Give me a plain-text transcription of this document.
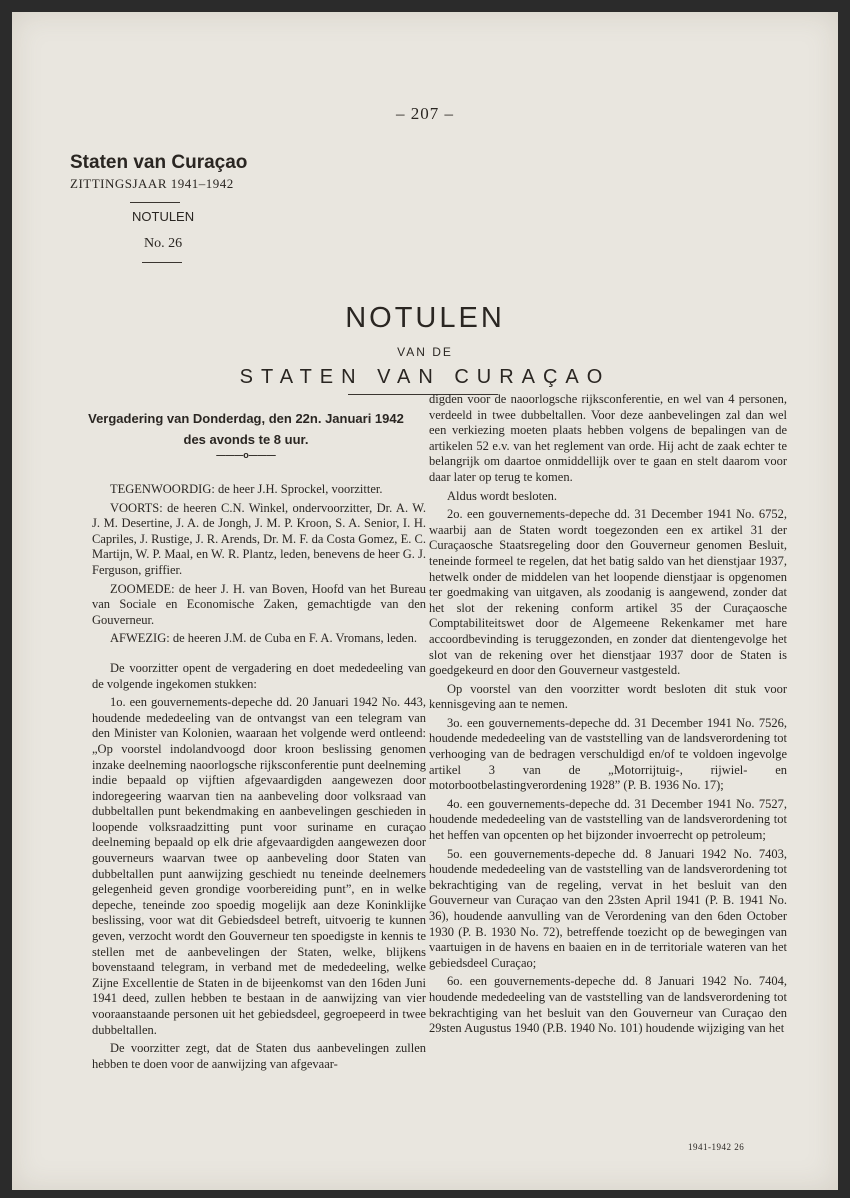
– 207 –
Staten van Curaçao
ZITTINGSJAAR 1941–1942
NOTULEN
No. 26
NOTULEN
VAN DE
STATEN VAN CURAÇAO
Vergadering van Donderdag, den 22n. Januari 1942
des avonds te 8 uur.
———o———

TEGENWOORDIG: de heer J.H. Sprockel, voorzitter.

VOORTS: de heeren C.N. Winkel, ondervoorzitter, Dr. A. W. J. M. Desertine, J. A. de Jongh, J. M. P. Kroon, S. A. Senior, I. H. Capriles, J. Rustige, J. R. Arends, Dr. M. F. da Costa Gomez, E. C. Martijn, W. P. Maal, en W. R. Plantz, leden, benevens de heer G. J. Ferguson, griffier.

ZOOMEDE: de heer J. H. van Boven, Hoofd van het Bureau van Sociale en Economische Zaken, gemachtigde van den Gouverneur.

AFWEZIG: de heeren J.M. de Cuba en F. A. Vromans, leden.

De voorzitter opent de vergadering en doet mededeeling van de volgende ingekomen stukken:

1o. een gouvernements-depeche dd. 20 Januari 1942 No. 443, houdende mededeeling van de ontvangst van een telegram van den Minister van Kolonien, waaraan het volgende werd ontleend: „Op voorstel indolandvoogd door kroon beslissing genomen inzake deelneming naoorlogsche rijksconferentie punt deelneming indie bepaald op vijftien afgevaardigden aangewezen door indoregeering waarvan tien na aanbeveling door volksraad van dubbeltallen punt bekendmaking en aanbevelingen geschieden in loopende volksraadzitting punt voor suriname en curaçao deelneming bepaald op elk drie afgevaardigden aangewezen door gouverneurs waarvan twee op aanbeveling door Staten van dubbeltallen punt aanwijzing geschiedt nu teneinde deelnemers gelegenheid geven grondige voorbereiding punt”, en in welke depeche, teneinde zoo spoedig mogelijk aan deze Koninklijke beslissing, voor wat dit Gebiedsdeel betreft, uitvoerig te kunnen geven, verzocht wordt den Gouverneur ten spoedigste in kennis te stellen met de aanbevelingen der Staten, welke, blijkens bovenstaand telegram, in verband met de mededeeling, welke Zijne Excellentie de Staten in de bijeenkomst van den 16den Juni 1941 deed, zullen hebben te bestaan in de aanwijzing van vier vooraanstaande personen uit het gebiedsdeel, gegroepeerd in twee dubbeltallen.

De voorzitter zegt, dat de Staten dus aanbevelingen zullen hebben te doen voor de aanwijzing van afgevaar-

digden voor de naoorlogsche rijksconferentie, en wel van 4 personen, verdeeld in twee dubbeltallen. Voor deze aanbevelingen zal dan wel een verkiezing moeten plaats hebben volgens de bepalingen van de artikelen 52 e.v. van het reglement van orde. Hij acht de zaak echter te belangrijk om daartoe onmiddellijk over te gaan en stelt daarom voor daar later op terug te komen.

Aldus wordt besloten.

2o. een gouvernements-depeche dd. 31 December 1941 No. 6752, waarbij aan de Staten wordt toegezonden een ex artikel 31 der Curaçaosche Staatsregeling door den Gouverneur genomen Besluit, teneinde formeel te regelen, dat het batig saldo van het dienstjaar 1937, hetwelk onder de middelen van het loopende dienstjaar is opgenomen ter goedmaking van uitgaven, als zoodanig is aangewend, zonder dat het slot der rekening conform artikel 35 der Curaçaosche Comptabiliteitswet door de Algemeene Rekenkamer met hare accoordbevinding is teruggezonden, en zonder dat dientengevolge het slot van de rekening over het dienstjaar 1937 door de Staten is goedgekeurd en door den Gouverneur vastgesteld.

Op voorstel van den voorzitter wordt besloten dit stuk voor kennisgeving aan te nemen.

3o. een gouvernements-depeche dd. 31 December 1941 No. 7526, houdende mededeeling van de vaststelling van de landsverordening tot verhooging van de bedragen verschuldigd en/of te voldoen ingevolge artikel 3 van de „Motorrijtuig-, rijwiel- en motorbootbelastingverordening 1928” (P. B. 1936 No. 17);

4o. een gouvernements-depeche dd. 31 December 1941 No. 7527, houdende mededeeling van de vaststelling van de landsverordening tot het heffen van opcenten op het bijzonder invoerrecht op petroleum;

5o. een gouvernements-depeche dd. 8 Januari 1942 No. 7403, houdende mededeeling van de vaststelling van de landsverordening tot bekrachtiging van de regeling, vervat in het besluit van den Gouverneur van Curaçao van den 23sten April 1941 (P. B. 1941 No. 36), houdende aanvulling van de Verordening van den 6den October 1930 (P. B. 1930 No. 72), betreffende toezicht op de bewegingen van vaartuigen in de havens en baaien en in de territoriale wateren van het gebiedsdeel Curaçao;

6o. een gouvernements-depeche dd. 8 Januari 1942 No. 7404, houdende mededeeling van de vaststelling van de landsverordening tot bekrachtiging van het besluit van den Gouverneur van Curaçao den 29sten Augustus 1940 (P.B. 1940 No. 101) houdende wijziging van het

1941-1942 26
